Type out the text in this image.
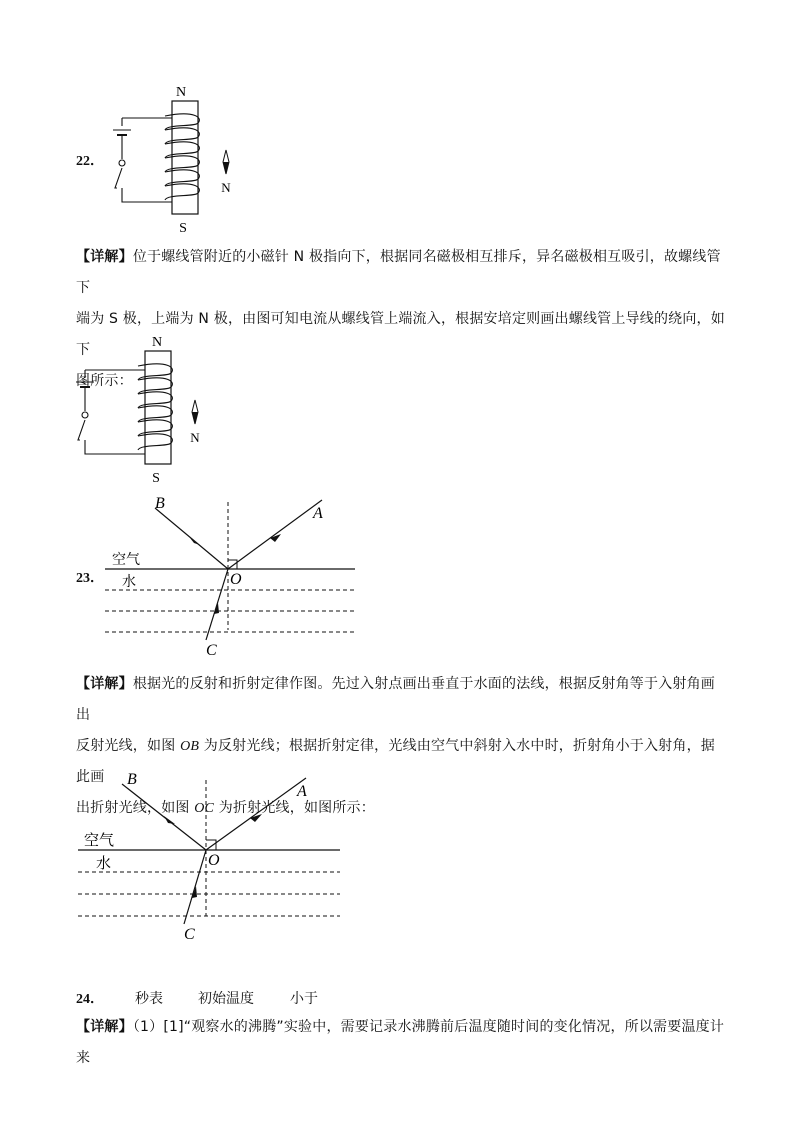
22．
N
S
N
【详解】位于螺线管附近的小磁针 N 极指向下，根据同名磁极相互排斥，异名磁极相互吸引，故螺线管下
端为 S 极，上端为 N 极，由图可知电流从螺线管上端流入，根据安培定则画出螺线管上导线的绕向，如下
图所示：
N
S
N
23．
B
A
C
O
空气
水
【详解】根据光的反射和折射定律作图。先过入射点画出垂直于水面的法线，根据反射角等于入射角画出
反射光线，如图 OB 为反射光线；根据折射定律，光线由空气中斜射入水中时，折射角小于入射角，据此画
出折射光线，如图 OC 为折射光线，如图所示：
B
A
C
O
空气
水
24． 秒表	初始温度	小于
【详解】（1）[1]“观察水的沸腾”实验中，需要记录水沸腾前后温度随时间的变化情况，所以需要温度计来
